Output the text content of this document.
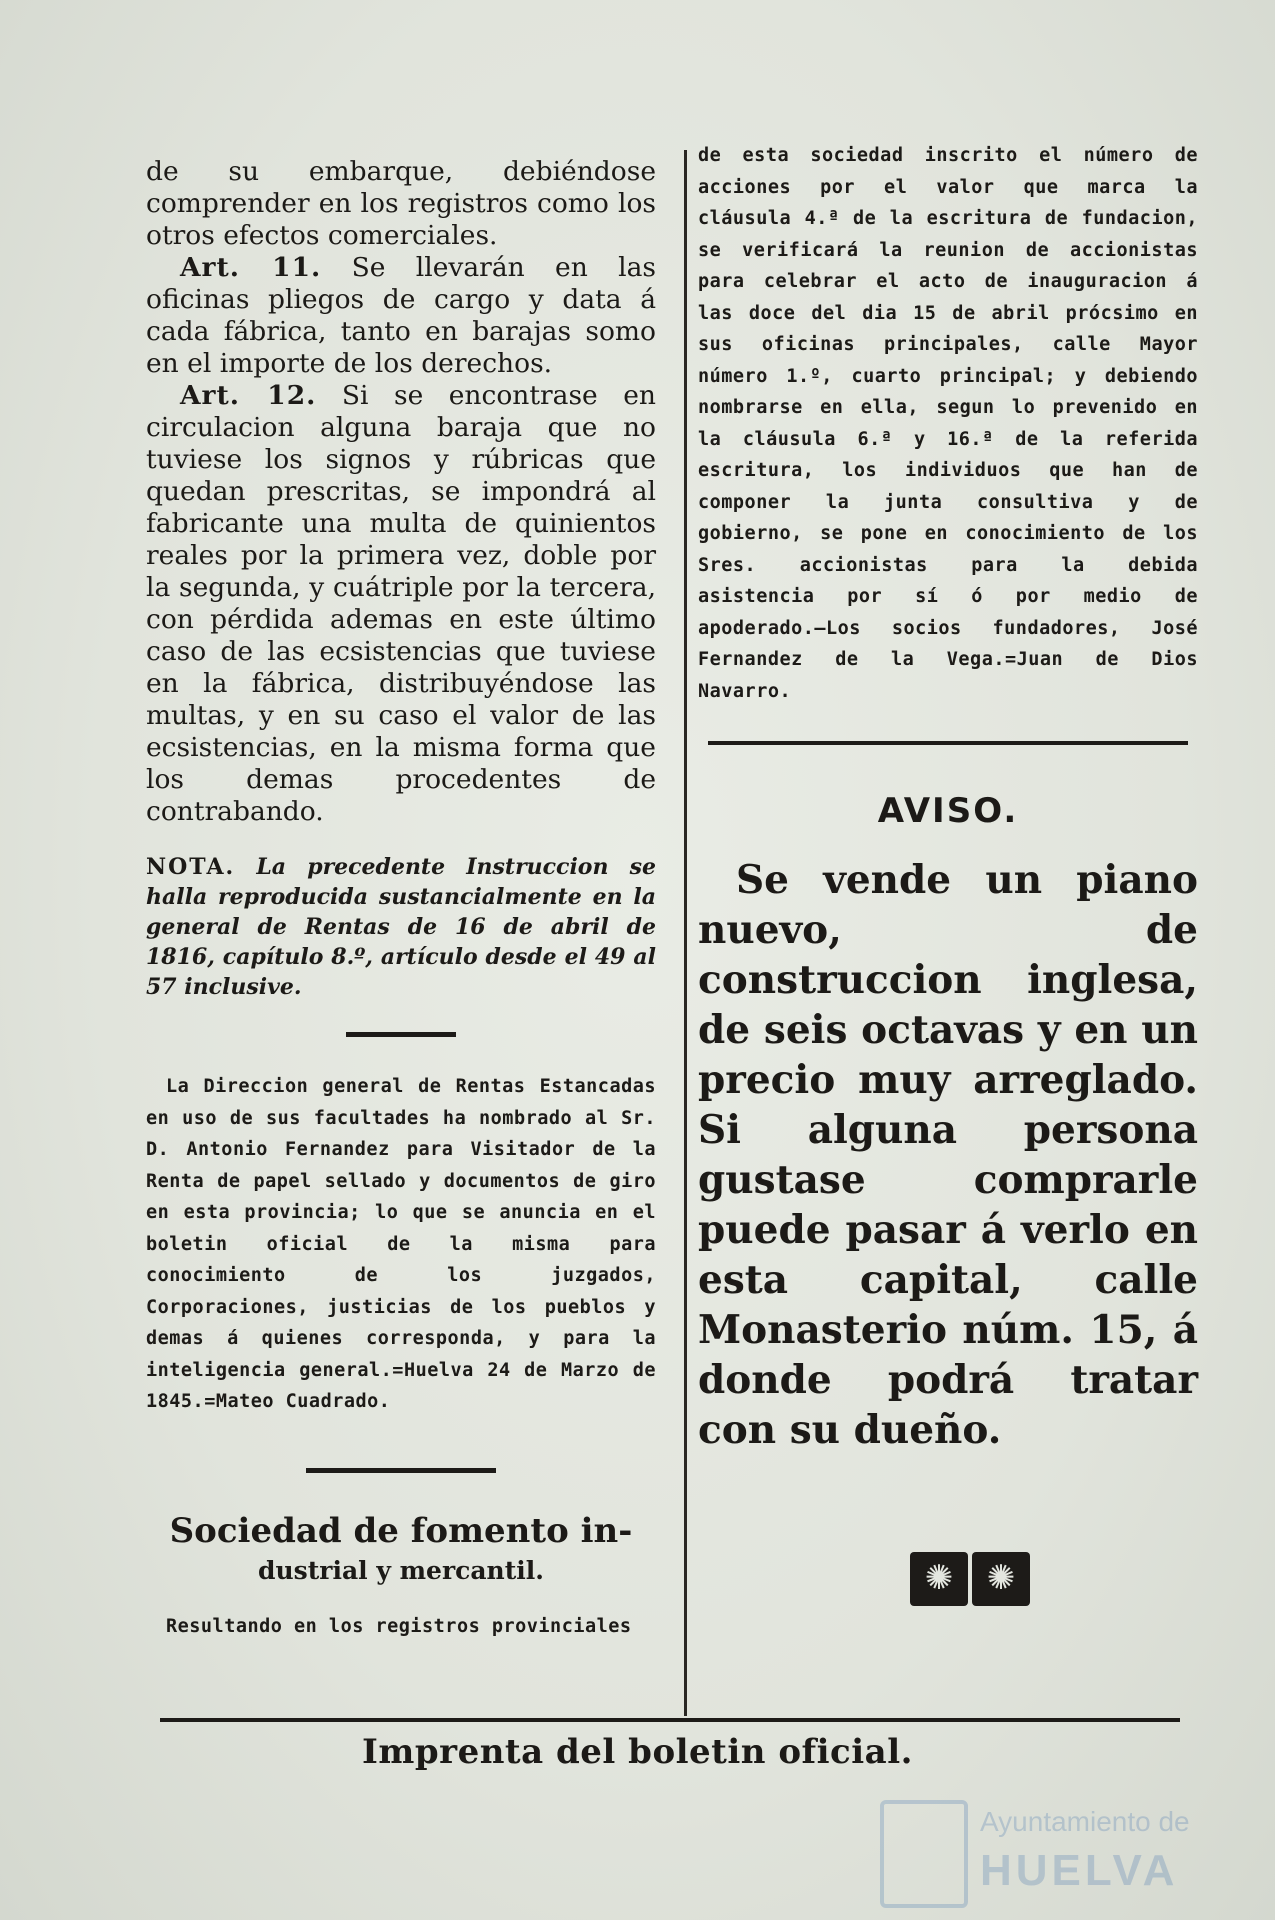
de su embarque, debiéndose comprender en los registros como los otros efectos comerciales.

Art. 11. Se llevarán en las oficinas pliegos de cargo y data á cada fábrica, tanto en barajas somo en el importe de los derechos.

Art. 12. Si se encontrase en circulacion alguna baraja que no tuviese los signos y rúbricas que quedan prescritas, se impondrá al fabricante una multa de quinientos reales por la primera vez, doble por la segunda, y cuátriple por la tercera, con pérdida ademas en este último caso de las ecsistencias que tuviese en la fábrica, distribuyéndose las multas, y en su caso el valor de las ecsistencias, en la misma forma que los demas procedentes de contrabando.

NOTA. La precedente Instruccion se halla reproducida sustancialmente en la general de Rentas de 16 de abril de 1816, capítulo 8.º, artículo desde el 49 al 57 inclusive.

La Direccion general de Rentas Estancadas en uso de sus facultades ha nombrado al Sr. D. Antonio Fernandez para Visitador de la Renta de papel sellado y documentos de giro en esta provincia; lo que se anuncia en el boletin oficial de la misma para conocimiento de los juzgados, Corporaciones, justicias de los pueblos y demas á quienes corresponda, y para la inteligencia general.=Huelva 24 de Marzo de 1845.=Mateo Cuadrado.

Sociedad de fomento in-

dustrial y mercantil.

Resultando en los registros provinciales

de esta sociedad inscrito el número de acciones por el valor que marca la cláusula 4.ª de la escritura de fundacion, se verificará la reunion de accionistas para celebrar el acto de inauguracion á las doce del dia 15 de abril prócsimo en sus oficinas principales, calle Mayor número 1.º, cuarto principal; y debiendo nombrarse en ella, segun lo prevenido en la cláusula 6.ª y 16.ª de la referida escritura, los individuos que han de componer la junta consultiva y de gobierno, se pone en conocimiento de los Sres. accionistas para la debida asistencia por sí ó por medio de apoderado.—Los socios fundadores, José Fernandez de la Vega.=Juan de Dios Navarro.

AVISO.

Se vende un piano nuevo, de construccion inglesa, de seis octavas y en un precio muy arreglado. Si alguna persona gustase comprarle puede pasar á verlo en esta capital, calle Monasterio núm. 15, á donde podrá tratar con su dueño.

✺
✺
Imprenta del boletin oficial.
Ayuntamiento de
HUELVA
